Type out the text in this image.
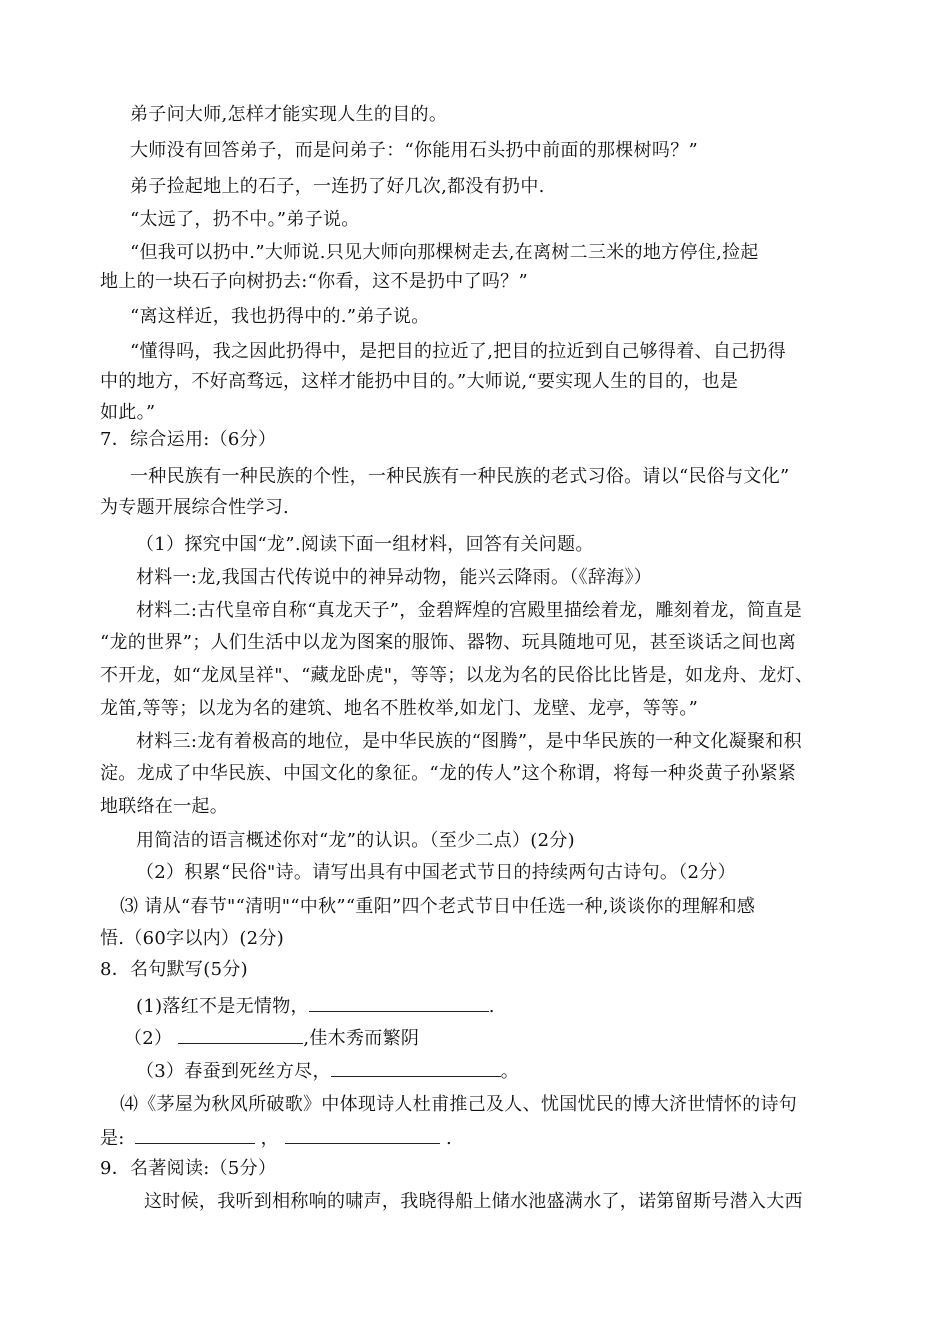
弟子问大师,怎样才能实现人生的目的。
大师没有回答弟子，而是问弟子：“你能用石头扔中前面的那棵树吗？”
弟子捡起地上的石子，一连扔了好几次,都没有扔中.
“太远了，扔不中。”弟子说。
“但我可以扔中.”大师说.只见大师向那棵树走去,在离树二三米的地方停住,捡起
地上的一块石子向树扔去:“你看，这不是扔中了吗？”
“离这样近，我也扔得中的.”弟子说。
“懂得吗，我之因此扔得中，是把目的拉近了,把目的拉近到自己够得着、自己扔得
中的地方，不好高骛远，这样才能扔中目的。”大师说,“要实现人生的目的，也是
如此。”
7．综合运用:（6分）
一种民族有一种民族的个性，一种民族有一种民族的老式习俗。请以“民俗与文化”
为专题开展综合性学习.
（1）探究中国“龙”.阅读下面一组材料，回答有关问题。
材料一:龙,我国古代传说中的神异动物，能兴云降雨。（《辞海》）
材料二:古代皇帝自称“真龙天子”，金碧辉煌的宫殿里描绘着龙，雕刻着龙，简直是
“龙的世界”；人们生活中以龙为图案的服饰、器物、玩具随地可见，甚至谈话之间也离
不开龙，如“龙凤呈祥"、“藏龙卧虎"，等等；以龙为名的民俗比比皆是，如龙舟、龙灯、
龙笛,等等；以龙为名的建筑、地名不胜枚举,如龙门、龙壁、龙亭，等等。”
材料三:龙有着极高的地位，是中华民族的“图腾”，是中华民族的一种文化凝聚和积
淀。龙成了中华民族、中国文化的象征。“龙的传人”这个称谓，将每一种炎黄子孙紧紧
地联络在一起。
用简洁的语言概述你对“龙”的认识。（至少二点）(2分)
（2）积累“民俗"诗。请写出具有中国老式节日的持续两句古诗句。（2分）
⑶ 请从“春节"“清明"“中秋”“重阳”四个老式节日中任选一种,谈谈你的理解和感
悟.（60字以内）(2分)
8．名句默写(5分)
(1)落红不是无情物，	.
（2）	,佳木秀而繁阴
（3）春蚕到死丝方尽，	。
⑷《茅屋为秋风所破歌》中体现诗人杜甫推己及人、忧国忧民的博大济世情怀的诗句
是:	，	.
9．名著阅读:（5分）
这时候，我听到相称响的啸声，我晓得船上储水池盛满水了，诺第留斯号潜入大西
